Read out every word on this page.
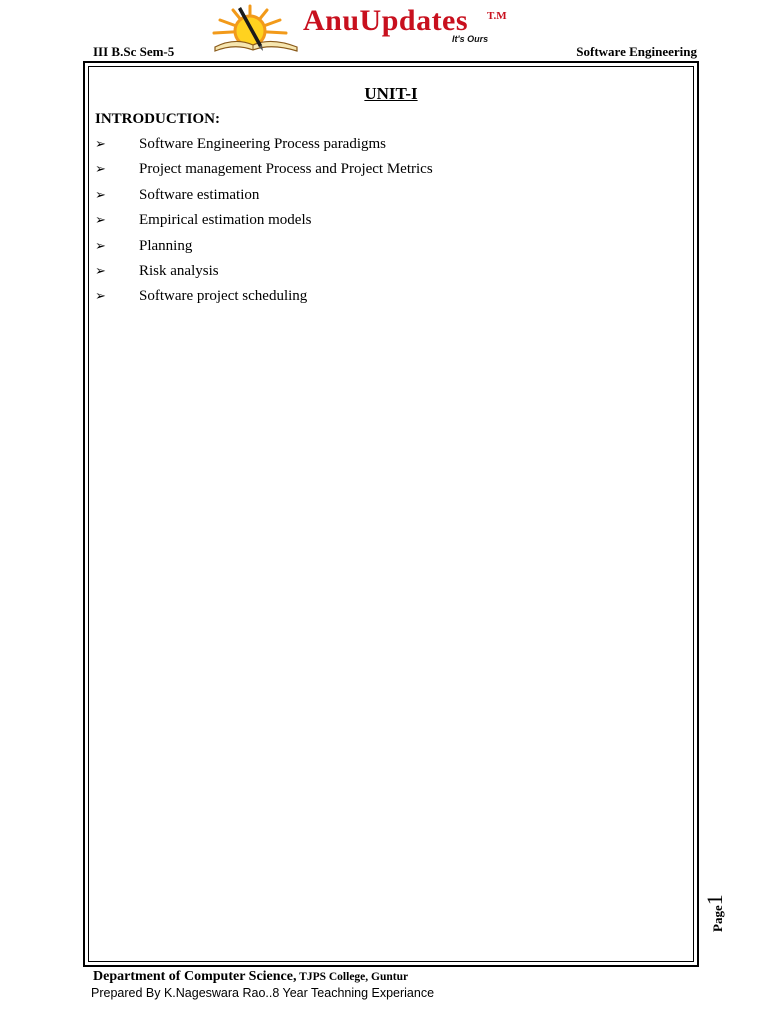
AnuUpdates T.M
It's Ours
III B.Sc Sem-5	Software Engineering
UNIT-I
INTRODUCTION:
➢	Software Engineering Process paradigms
➢	Project management Process and Project Metrics
➢	Software estimation
➢	Empirical estimation models
➢	Planning
➢	Risk analysis
➢	Software project scheduling
Page1
Department of Computer Science, TJPS College, Guntur
Prepared By K.Nageswara Rao..8 Year Teachning Experiance
